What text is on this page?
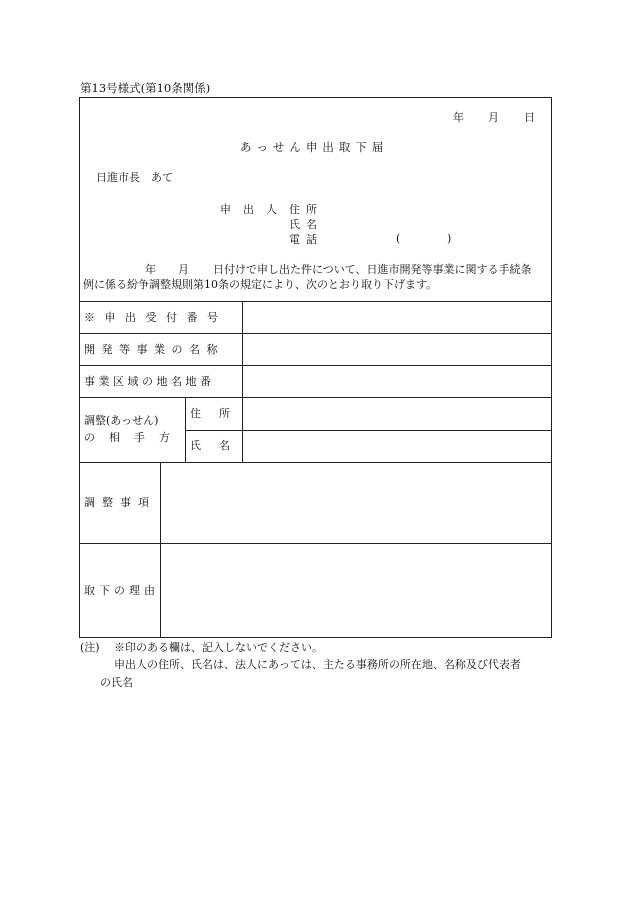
第13号様式(第10条関係)
年 月 日
あっせん申出取下届
日進市長　あて
申出人 住所
氏名
電話	(	)
年 月 日付けで申し出た件について、日進市開発等事業に関する手続条
例に係る紛争調整規則第10条の規定により、次のとおり取り下げます。
※申出受付番号
開発等事業の名称
事業区域の地名地番
調整(あっせん)
の相手方
住所
氏名
調整事項
取下の理由
(注) ※印のある欄は、記入しないでください。
申出人の住所、氏名は、法人にあっては、主たる事務所の所在地、名称及び代表者
の氏名
